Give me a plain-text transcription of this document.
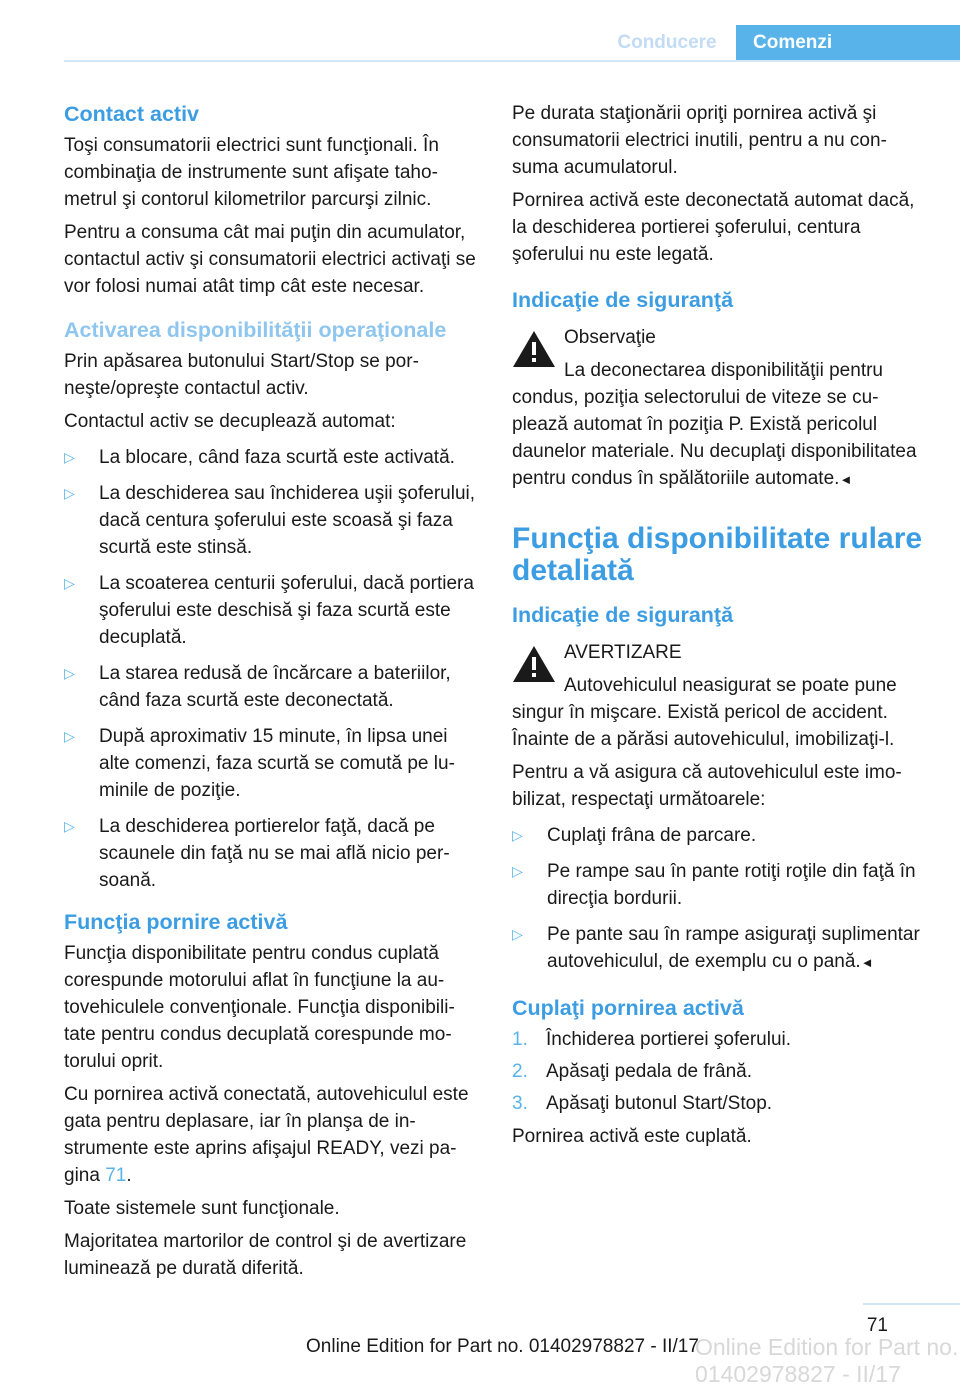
Conducere	Comenzi
Contact activ

Toşi consumatorii electrici sunt funcţionali. În combinaţia de instrumente sunt afişate tahometrul şi contorul kilometrilor parcurşi zilnic.

Pentru a consuma cât mai puţin din acumulator, contactul activ şi consumatorii electrici activaţi se vor folosi numai atât timp cât este necesar.

Activarea disponibilităţii operaţionale

Prin apăsarea butonului Start/Stop se porneşte/opreşte contactul activ.

Contactul activ se decuplează automat:

▷ La blocare, când faza scurtă este activată.
▷ La deschiderea sau închiderea uşii şoferului, dacă centura şoferului este scoasă şi faza scurtă este stinsă.
▷ La scoaterea centurii şoferului, dacă portiera şoferului este deschisă şi faza scurtă este decuplată.
▷ La starea redusă de încărcare a bateriilor, când faza scurtă este deconectată.
▷ După aproximativ 15 minute, în lipsa unei alte comenzi, faza scurtă se comută pe luminile de poziţie.
▷ La deschiderea portierelor faţă, dacă pe scaunele din faţă nu se mai află nicio persoană.
Funcţia pornire activă

Funcţia disponibilitate pentru condus cuplată corespunde motorului aflat în funcţiune la autovehiculele convenţionale. Funcţia disponibilitate pentru condus decuplată corespunde motorului oprit.

Cu pornirea activă conectată, autovehiculul este gata pentru deplasare, iar în planşa de instrumente este aprins afişajul READY, vezi pagina 71.

Toate sistemele sunt funcţionale.

Majoritatea martorilor de control şi de avertizare luminează pe durată diferită.

Pe durata staţionării opriţi pornirea activă şi consumatorii electrici inutili, pentru a nu consuma acumulatorul.

Pornirea activă este deconectată automat dacă, la deschiderea portierei şoferului, centura şoferului nu este legată.

Indicaţie de siguranţă
Observaţie

La deconectarea disponibilităţii pentru condus, poziţia selectorului de viteze se cuplează automat în poziţia P. Există pericolul daunelor materiale. Nu decuplaţi disponibilitatea pentru condus în spălătoriile automate.◄

Funcţia disponibilitate rulare detaliată
Indicaţie de siguranţă
AVERTIZARE

Autovehiculul neasigurat se poate pune singur în mişcare. Există pericol de accident. Înainte de a părăsi autovehiculul, imobilizaţi-l.

Pentru a vă asigura că autovehiculul este imobilizat, respectaţi următoarele:

▷ Cuplaţi frâna de parcare.
▷ Pe rampe sau în pante rotiţi roţile din faţă în direcţia bordurii.
▷ Pe pante sau în rampe asiguraţi suplimentar autovehiculul, de exemplu cu o pană.◄
Cuplaţi pornirea activă
1. Închiderea portierei şoferului.
2. Apăsaţi pedala de frână.
3. Apăsaţi butonul Start/Stop.

Pornirea activă este cuplată.

71
Online Edition for Part no. 01402978827 - II/17
Online Edition for Part no. 01402978827 - II/17
